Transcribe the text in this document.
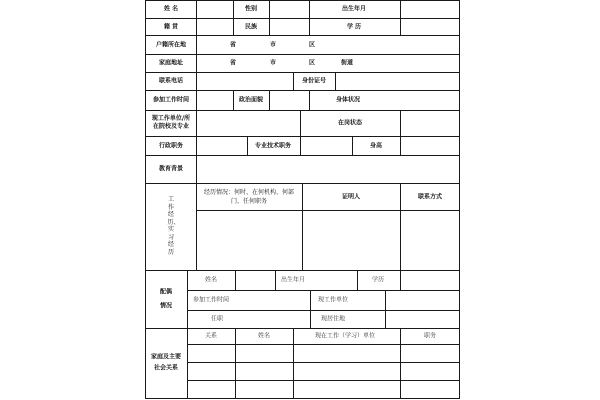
姓 名	性别	出生年月
籍 贯	民族	学 历
户籍所在地	省	市	区
家庭地址	省	市	区	街道
联系电话	身份证号
参加工作时间	政治面貌	身体状况
现工作单位/所在院校及专业	在岗状态
行政职务	专业技术职务	身高
教育背景
工作经历、实习经历
经历情况：何时、在何机构、何部门、任何职务
证明人	联系方式
配偶
情况
姓名	出生年月	学历
参加工作时间	现工作单位
任职	现居住地
家庭及主要
社会关系
关系	姓名	现在工作（学习）单位	职务
